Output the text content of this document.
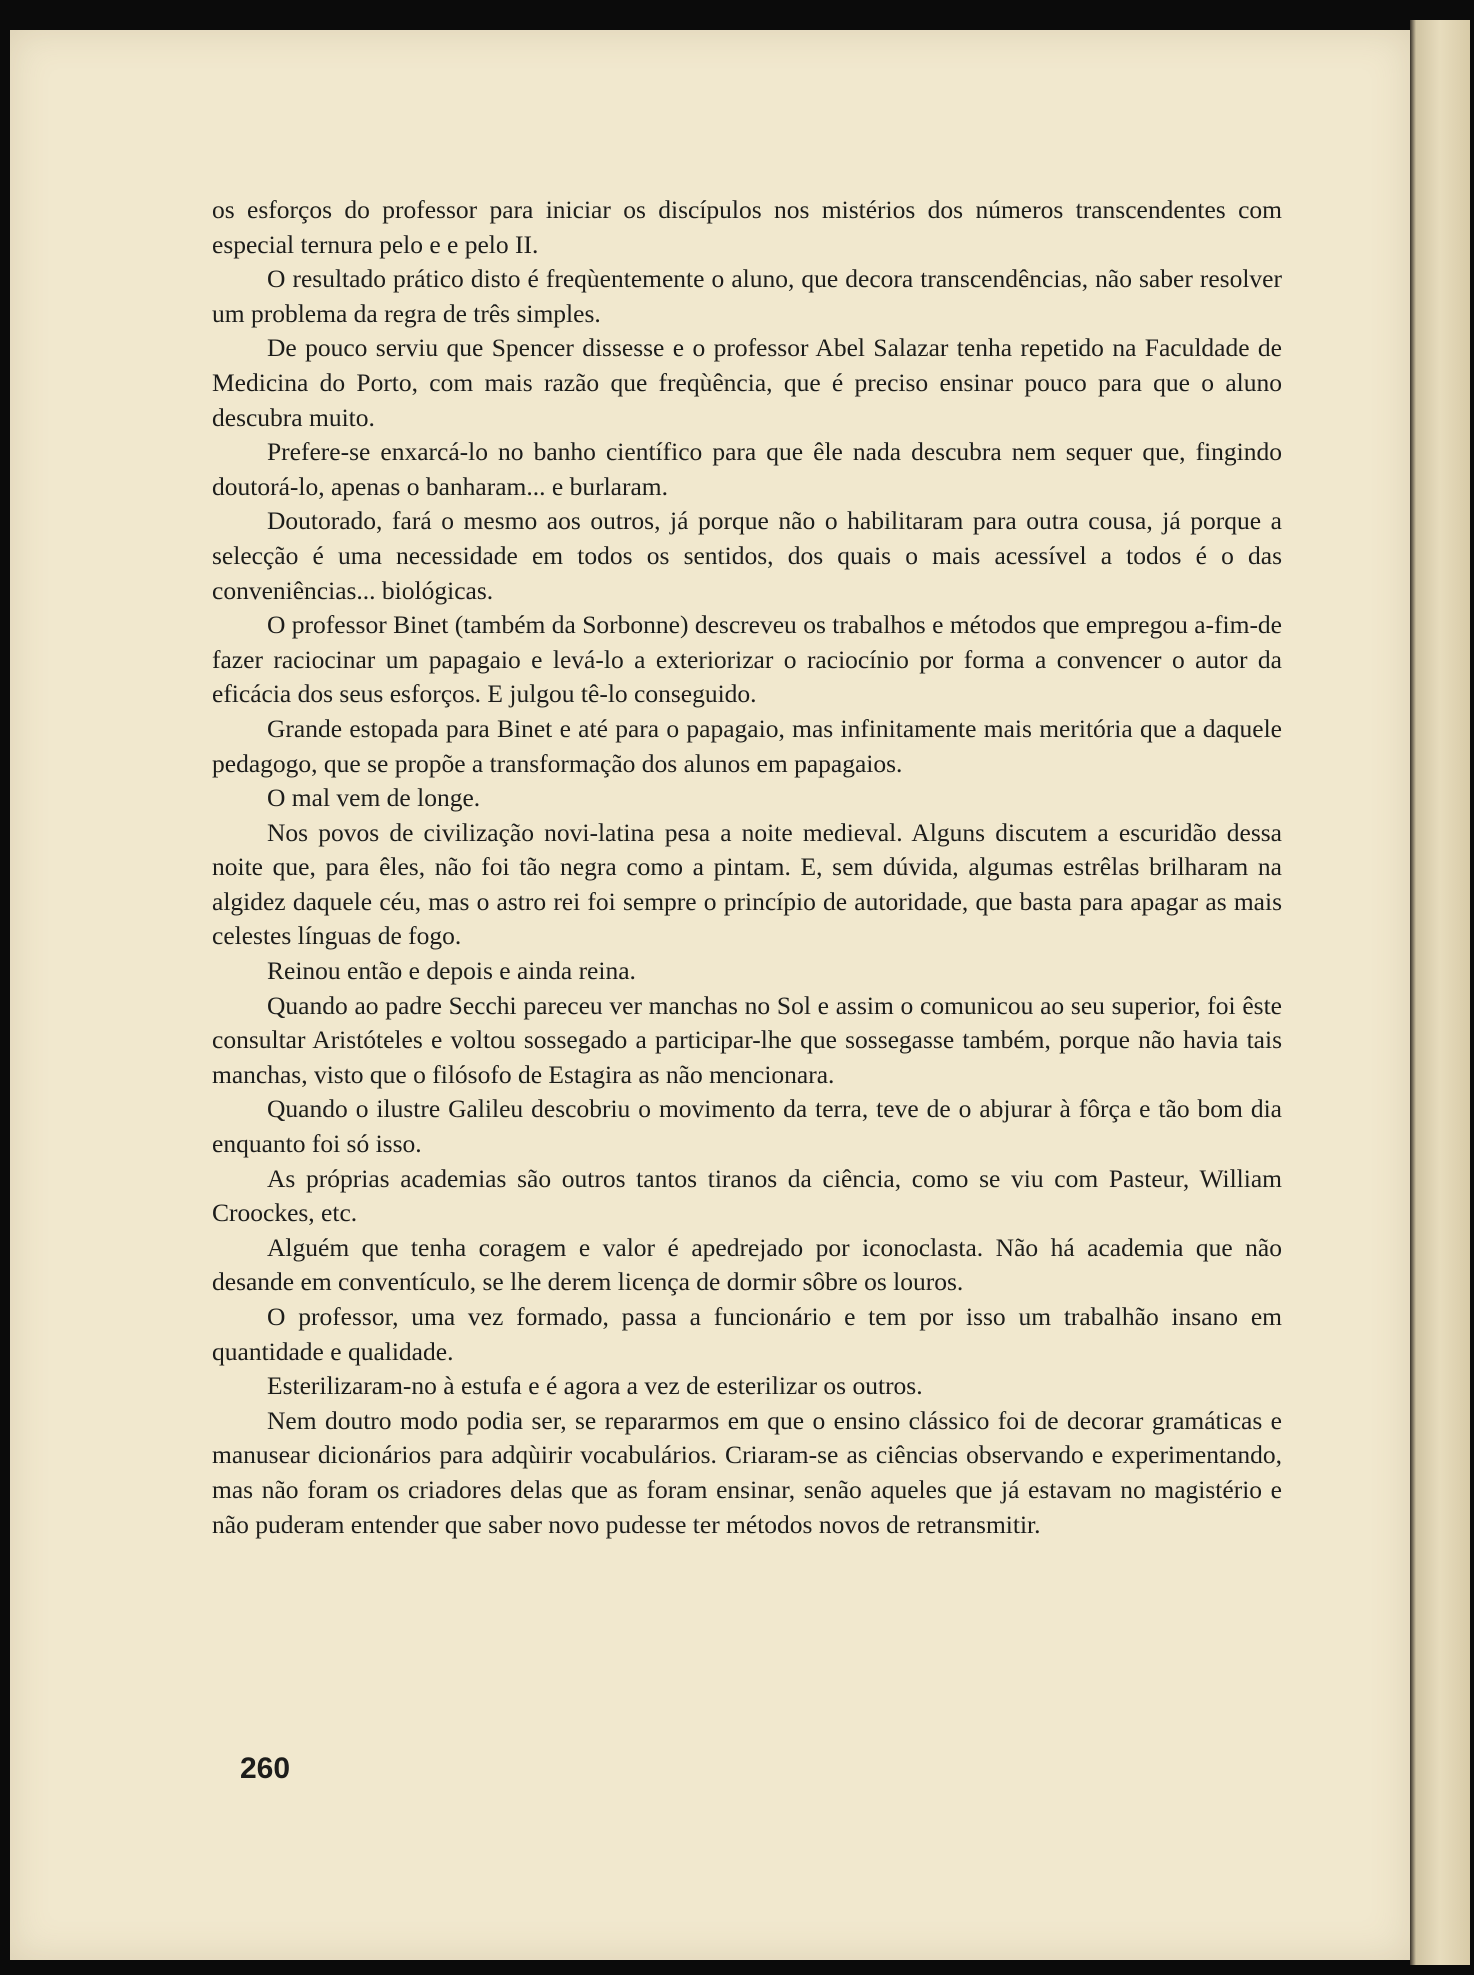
os esforços do professor para iniciar os discípulos nos mistérios dos números transcendentes com especial ternura pelo e e pelo II.

O resultado prático disto é freqùentemente o aluno, que decora transcendências, não saber resolver um problema da regra de três simples.

De pouco serviu que Spencer dissesse e o professor Abel Salazar tenha repetido na Faculdade de Medicina do Porto, com mais razão que freqùência, que é preciso ensinar pouco para que o aluno descubra muito.

Prefere-se enxarcá-lo no banho científico para que êle nada descubra nem sequer que, fingindo doutorá-lo, apenas o banharam... e burlaram.

Doutorado, fará o mesmo aos outros, já porque não o habilitaram para outra cousa, já porque a selecção é uma necessidade em todos os sentidos, dos quais o mais acessível a todos é o das conveniências... biológicas.

O professor Binet (também da Sorbonne) descreveu os trabalhos e métodos que empregou a-fim-de fazer raciocinar um papagaio e levá-lo a exteriorizar o raciocínio por forma a convencer o autor da eficácia dos seus esforços. E julgou tê-lo conseguido.

Grande estopada para Binet e até para o papagaio, mas infinitamente mais meritória que a daquele pedagogo, que se propõe a transformação dos alunos em papagaios.

O mal vem de longe.

Nos povos de civilização novi-latina pesa a noite medieval. Alguns discutem a escuridão dessa noite que, para êles, não foi tão negra como a pintam. E, sem dúvida, algumas estrêlas brilharam na algidez daquele céu, mas o astro rei foi sempre o princípio de autoridade, que basta para apagar as mais celestes línguas de fogo.

Reinou então e depois e ainda reina.

Quando ao padre Secchi pareceu ver manchas no Sol e assim o comunicou ao seu superior, foi êste consultar Aristóteles e voltou sossegado a participar-lhe que sossegasse também, porque não havia tais manchas, visto que o filósofo de Estagira as não mencionara.

Quando o ilustre Galileu descobriu o movimento da terra, teve de o abjurar à fôrça e tão bom dia enquanto foi só isso.

As próprias academias são outros tantos tiranos da ciência, como se viu com Pasteur, William Croockes, etc.

Alguém que tenha coragem e valor é apedrejado por iconoclasta. Não há academia que não desande em conventículo, se lhe derem licença de dormir sôbre os louros.

O professor, uma vez formado, passa a funcionário e tem por isso um trabalhão insano em quantidade e qualidade.

Esterilizaram-no à estufa e é agora a vez de esterilizar os outros.

Nem doutro modo podia ser, se repararmos em que o ensino clássico foi de decorar gramáticas e manusear dicionários para adqùirir vocabulários. Criaram-se as ciências observando e experimentando, mas não foram os criadores delas que as foram ensinar, senão aqueles que já estavam no magistério e não puderam entender que saber novo pudesse ter métodos novos de retransmitir.

260
